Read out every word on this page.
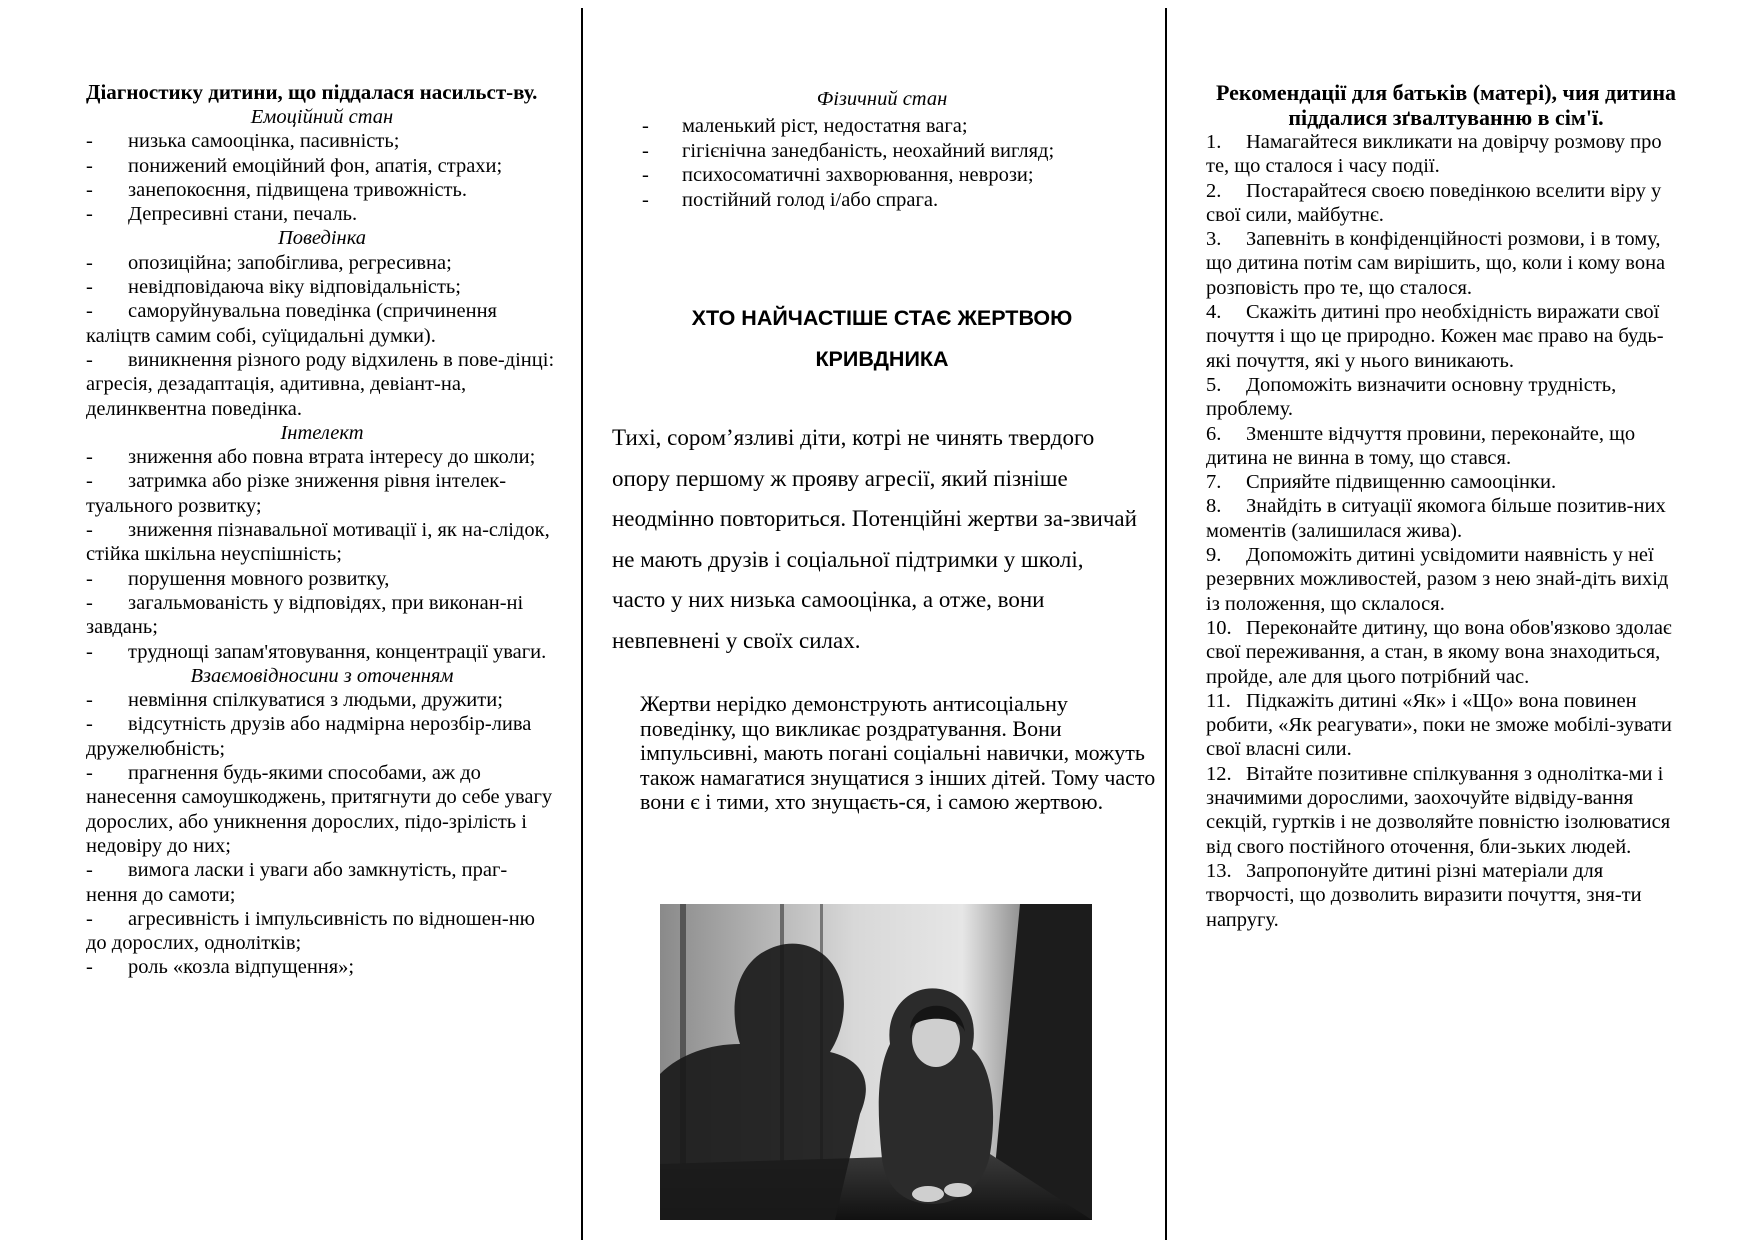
Діагностику дитини, що піддалася насильст-ву.

Емоційний стан

- низька самооцінка, пасивність;

- понижений емоційний фон, апатія, страхи;

- занепокоєння, підвищена тривожність.

- Депресивні стани, печаль.

Поведінка

- опозиційна; запобіглива, регресивна;

- невідповідаюча віку відповідальність;

- саморуйнувальна поведінка (спричинення каліцтв самим собі, суїцидальні думки).

- виникнення різного роду відхилень в пове-дінці: агресія, дезадаптація, адитивна, девіант-на, делинквентна поведінка.

Інтелект

- зниження або повна втрата інтересу до школи;

- затримка або різке зниження рівня інтелек-туального розвитку;

- зниження пізнавальної мотивації і, як на-слідок, стійка шкільна неуспішність;

- порушення мовного розвитку,

- загальмованість у відповідях, при виконан-ні завдань;

- труднощі запам'ятовування, концентрації уваги.

Взаємовідносини з оточенням

- невміння спілкуватися з людьми, дружити;

- відсутність друзів або надмірна нерозбір-лива дружелюбність;

- прагнення будь-якими способами, аж до нанесення самоушкоджень, притягнути до себе увагу дорослих, або уникнення дорослих, підо-зрілість і недовіру до них;

- вимога ласки і уваги або замкнутість, праг-нення до самоти;

- агресивність і імпульсивність по відношен-ню до дорослих, однолітків;

- роль «козла відпущення»;

Фізичний стан

- маленький ріст, недостатня вага;

- гігієнічна занедбаність, неохайний вигляд;

- психосоматичні захворювання, неврози;

- постійний голод і/або спрага.

ХТО НАЙЧАСТІШЕ СТАЄ ЖЕРТВОЮ
КРИВДНИКА

Тихі, сором’язливі діти, котрі не чинять твердого опору першому ж прояву агресії, який пізніше неодмінно повториться. Потенційні жертви за-звичай не мають друзів і соціальної підтримки у школі, часто у них низька самооцінка, а отже, вони невпевнені у своїх силах.

Жертви нерідко демонструють антисоціальну поведінку, що викликає роздратування. Вони імпульсивні, мають погані соціальні навички, можуть також намагатися знущатися з інших дітей. Тому часто вони є і тими, хто знущаєть-ся, і самою жертвою.

Рекомендації для батьків (матері), чия дитина піддалися зґвалтуванню в сім'ї.

1. Намагайтеся викликати на довірчу розмову про те, що сталося і часу події.
2. Постарайтеся своєю поведінкою вселити віру у свої сили, майбутнє.
3. Запевніть в конфіденційності розмови, і в тому, що дитина потім сам вирішить, що, коли і кому вона розповість про те, що сталося.
4. Скажіть дитині про необхідність виражати свої почуття і що це природно. Кожен має право на будь-які почуття, які у нього виникають.
5. Допоможіть визначити основну трудність, проблему.
6. Зменште відчуття провини, переконайте, що дитина не винна в тому, що стався.
7. Сприяйте підвищенню самооцінки.
8. Знайдіть в ситуації якомога більше позитив-них моментів (залишилася жива).
9. Допоможіть дитині усвідомити наявність у неї резервних можливостей, разом з нею знай-діть вихід із положення, що склалося.
10. Переконайте дитину, що вона обов'язково здолає свої переживання, а стан, в якому вона знаходиться, пройде, але для цього потрібний час.
11. Підкажіть дитині «Як» і «Що» вона повинен робити, «Як реагувати», поки не зможе мобілі-зувати свої власні сили.
12. Вітайте позитивне спілкування з однолітка-ми і значимими дорослими, заохочуйте відвіду-вання секцій, гуртків і не дозволяйте повністю ізолюватися від свого постійного оточення, бли-зьких людей.
13. Запропонуйте дитині різні матеріали для творчості, що дозволить виразити почуття, зня-ти напругу.
